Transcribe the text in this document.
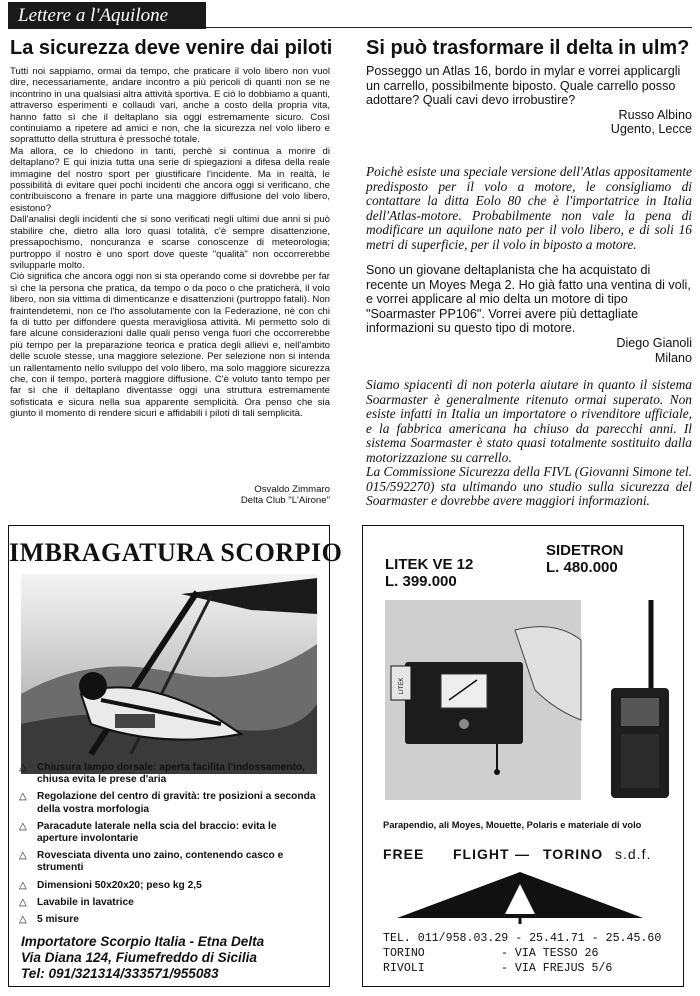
Lettere a l'Aquilone
La sicurezza deve venire dai piloti

Tutti noi sappiamo, ormai da tempo, che praticare il volo libero non vuol dire, necessariamente, andare incontro a più pericoli di quanti non se ne incontrino in una qualsiasi altra attività sportiva. E ciò lo dobbiamo a quanti, attraverso esperimenti e collaudi vari, anche a costo della propria vita, hanno fatto sì che il deltaplano sia oggi estremamente sicuro. Così continuiamo a ripetere ad amici e non, che la sicurezza nel volo libero e soprattutto della struttura è pressoché totale.

Ma allora, ce lo chiedono in tanti, perchè si continua a morire di deltaplano? E qui inizia tutta una serie di spiegazioni a difesa della reale immagine del nostro sport per giustificare l'incidente. Ma in realtà, le possibilità di evitare quei pochi incidenti che ancora oggi si verificano, che contribuiscono a frenare in parte una maggiore diffusione del volo libero, esistono?

Dall'analisi degli incidenti che si sono verificati negli ultimi due anni si può stabilire che, dietro alla loro quasi totalità, c'è sempre disattenzione, pressapochismo, noncuranza e scarse conoscenze di meteorologia; purtroppo il nostro è uno sport dove queste "qualità" non occorrerebbe svilupparle molto.

Ciò significa che ancora oggi non si sta operando come si dovrebbe per far sì che la persona che pratica, da tempo o da poco o che praticherà, il volo libero, non sia vittima di dimenticanze e disattenzioni (purtroppo fatali). Non fraintendetemi, non ce l'ho assolutamente con la Federazione, nè con chi fa di tutto per diffondere questa meravigliosa attività. Mi permetto solo di fare alcune considerazioni dalle quali penso venga fuori che occorrerebbe più tempo per la preparazione teorica e pratica degli allievi e, nell'ambito delle scuole stesse, una maggiore selezione. Per selezione non si intenda un rallentamento nello sviluppo del volo libero, ma solo maggiore sicurezza che, con il tempo, porterà maggiore diffusione. C'è voluto tanto tempo per far sì che il deltaplano diventasse oggi una struttura estremamente sofisticata e sicura nella sua apparente semplicità. Ora penso che sia giunto il momento di rendere sicuri e affidabili i piloti di tali semplicità.

Osvaldo Zimmaro
Delta Club "L'Airone"
Si può trasformare il delta in ulm?

Posseggo un Atlas 16, bordo in mylar e vorrei applicargli un carrello, possibilmente biposto. Quale carrello posso adottare? Quali cavi devo irrobustire?

Russo Albino

Ugento, Lecce

Poichè esiste una speciale versione dell'Atlas appositamente predisposto per il volo a motore, le consigliamo di contattare la ditta Eolo 80 che è l'importatrice in Italia dell'Atlas-motore. Probabilmente non vale la pena di modificare un aquilone nato per il volo libero, e di soli 16 metri di superficie, per il volo in biposto a motore.

Sono un giovane deltaplanista che ha acquistato di recente un Moyes Mega 2. Ho già fatto una ventina di voli, e vorrei applicare al mio delta un motore di tipo "Soarmaster PP106". Vorrei avere più dettagliate informazioni su questo tipo di motore.

Diego Gianoli

Milano

Siamo spiacenti di non poterla aiutare in quanto il sistema Soarmaster è generalmente ritenuto ormai superato. Non esiste infatti in Italia un importatore o rivenditore ufficiale, e la fabbrica americana ha chiuso da parecchi anni. Il sistema Soarmaster è stato quasi totalmente sostituito dalla motorizzazione su carrello.

La Commissione Sicurezza della FIVL (Giovanni Simone tel. 015/592270) sta ultimando uno studio sulla sicurezza del Soarmaster e dovrebbe avere maggiori informazioni.

IMBRAGATURA SCORPIO
△ Chiusura lampo dorsale: aperta facilita l'indossamento, chiusa evita le prese d'aria
△ Regolazione del centro di gravità: tre posizioni a seconda della vostra morfologia
△ Paracadute laterale nella scia del braccio: evita le aperture involontarie
△ Rovesciata diventa uno zaino, contenendo casco e strumenti
△ Dimensioni 50x20x20; peso kg 2,5
△ Lavabile in lavatrice
△ 5 misure
Importatore Scorpio Italia - Etna Delta
Via Diana 124, Fiumefreddo di Sicilia
Tel: 091/321314/333571/955083
LITEK VE 12
L. 399.000
SIDETRON
L. 480.000
LITEK
Parapendio, ali Moyes, Mouette, Polaris e materiale di volo
FREE FLIGHT — TORINO s.d.f.
TEL. 011/958.03.29 - 25.41.71 - 25.45.60
TORINO	- VIA TESSO 26
RIVOLI	- VIA FREJUS 5/6
